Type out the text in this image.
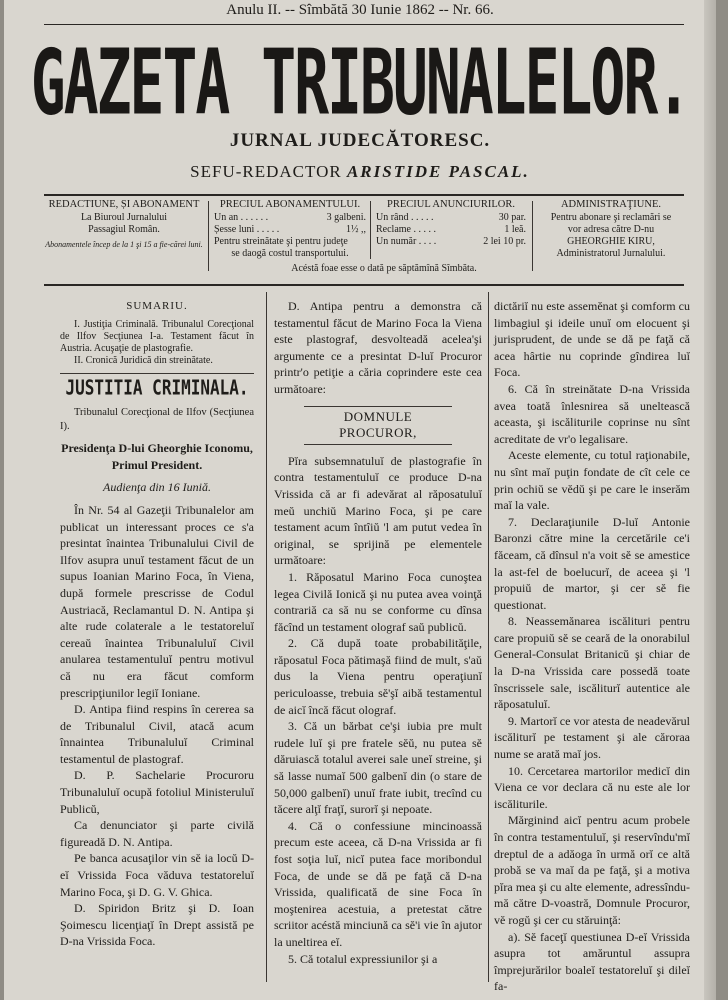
Anulu II. -- Sîmbătă 30 Iunie 1862 -- Nr. 66.
GAZETA TRIBUNALELOR.
JURNAL JUDECĂTORESC.
SEFU-REDACTOR ARISTIDE PASCAL.
REDACTIUNE, ȘI ABONAMENT
La Biuroul Jurnalului
Passagiul Român.
Abonamentele încep de la 1 şi 15 a fie-cărei luni.
PRECIUL ABONAMENTULUI.
Un an . . . . . .	3 galbeni.
Șesse luni . . . . .	1½ ,,
Pentru streinătate şi pentru judeţe
se daogă costul transportului.
PRECIUL ANUNCIURILOR.
Un rând . . . . .	30 par.
Reclame . . . . .	1 leă.
Un număr . . . .	2 lei 10 pr.
ADMINISTRAŢIUNE.
Pentru abonare şi reclamări se
vor adresa către D-nu
GHEORGHIE KIRU,
Administratorul Jurnalului.
Acéstă foae esse o dată pe săptămînă Sîmbăta.
SUMARIU.

I. Justiţia Criminală. Tribunalul Corecţional de Ilfov Secţiunea I-a. Testament făcut în Austria. Acuşaţie de plastografie.

II. Cronică Juridică din streinătate.

JUSTITIA CRIMINALA.

Tribunalul Corecţional de Ilfov (Secţiunea I).

Presidenţa D-lui Gheorghie Iconomu, Primul President.

Audienţa din 16 Iuniă.

În Nr. 54 al Gazeţii Tribunalelor am publicat un interessant proces ce s'a presintat înaintea Tribunalului Civil de Ilfov asupra unuĭ testament făcut de un supus Ioanian Marino Foca, în Viena, după formele prescrisse de Codul Austriacă, Reclamantul D. N. Antipa şi alte rude colaterale a le testatoreluĭ cereaŭ înaintea Tribunaluluĭ Civil anularea testamentuluĭ pentru motivul că nu era făcut comform prescripţiunilor legiĭ Ioniane.

D. Antipa fiind respins în cererea sa de Tribunalul Civil, atacă acum înnaintea Tribunaluluĭ Criminal testamentul de plastograf.

D. P. Sachelarie Procuroru Tribunaluluĭ ocupă fotoliul Ministeruluĭ Publicŭ,

Ca denunciator şi parte civilă figureadă D. N. Antipa.

Pe banca acusaţilor vin sĕ ia locŭ D-eĭ Vrissida Foca văduva testatoreluĭ Marino Foca, şi D. G. V. Ghica.

D. Spiridon Britz şi D. Ioan Şoimescu licenţiaţĭ în Drept assistă pe D-na Vrissida Foca.

D. Antipa pentru a demonstra că testamentul făcut de Marino Foca la Viena este plastograf, desvolteadă acelea'şi argumente ce a presintat D-luĭ Procuror printr'o petiţie a căria coprindere este cea următoare:

DOMNULE PROCUROR,

Pĭra subsemnatuluĭ de plastografie în contra testamentuluĭ ce produce D-na Vrissida că ar fi adevărat al răposatuluĭ meŭ unchiŭ Marino Foca, şi pe care testament acum întîiŭ 'l am putut vedea în original, se sprijină pe elementele următoare:

1. Răposatul Marino Foca cunoştea legea Civilă Ionică şi nu putea avea voinţă contrariă ca să nu se conforme cu dînsa făcînd un testament olograf saŭ publicŭ.

2. Că după toate probabilităţile, răposatul Foca pătimaşă fiind de mult, s'aŭ dus la Viena pentru operaţiunĭ periculoasse, trebuia sĕ'şĭ aibă testamentul de aicĭ încă făcut olograf.

3. Că un bărbat ce'şi iubia pre mult rudele luĭ şi pre fratele sĕŭ, nu putea sĕ dăruiască totalul averei sale uneĭ streine, şi să lasse numaĭ 500 galbenĭ din (o stare de 50,000 galbenĭ) unuĭ frate iubit, trecînd cu tăcere alţĭ fraţĭ, surorĭ şi nepoate.

4. Că o confessiune mincinoassă precum este aceea, că D-na Vrissida ar fi fost soţia luĭ, nicĭ putea face moribondul Foca, de unde se dă pe faţă că D-na Vrissida, qualificată de sine Foca în moştenirea acestuia, a pretestat către scriitor acéstă minciună ca sĕ'i vie în ajutor la uneltirea eĭ.

5. Că totalul expressiunilor şi a

dictăriĭ nu este assemĕnat şi comform cu limbagiul şi ideile unuĭ om elocuent şi jurisprudent, de unde se dă pe faţă că acea hârtie nu coprinde gîndirea luĭ Foca.

6. Că în streinătate D-na Vrissida avea toată înlesnirea să uneltească aceasta, şi iscăliturile coprinse nu sînt acreditate de vr'o legalisare.

Aceste elemente, cu totul raţionabile, nu sînt maĭ puţin fondate de cît cele ce prin ochiŭ se vĕdŭ şi pe care le inserăm maĭ la vale.

7. Declaraţiunile D-luĭ Antonie Baronzi către mine la cercetările ce'i făceam, că dînsul n'a voit sĕ se amestice la ast-fel de boelucurĭ, de aceea şi 'l propuiŭ de martor, şi cer sĕ fie questionat.

8. Neassemănarea iscălituri pentru care propuiŭ sĕ se ceară de la onorabilul General-Consulat Britanicŭ şi chiar de la D-na Vrissida care possedă toate înscrissele sale, iscăliturĭ autentice ale răposatuluĭ.

9. Martorĭ ce vor atesta de neadevărul iscăliturĭ pe testament şi ale căroraa nume se arată maĭ jos.

10. Cercetarea martorilor medicĭ din Viena ce vor declara că nu este ale lor iscăliturile.

Mărginind aicĭ pentru acum probele în contra testamentuluĭ, şi reservîndu'mĭ dreptul de a adăoga în urmă orĭ ce altă probă se va maĭ da pe faţă, şi a motiva pĭra mea şi cu alte elemente, adressîndu-mă către D-voastră, Domnule Procuror, vĕ rogŭ şi cer cu stăruinţă:

a). Sĕ faceţĭ questiunea D-eĭ Vrissida asupra tot amăruntul assupra împrejurărilor boaleĭ testatoreluĭ şi dileĭ fa-
